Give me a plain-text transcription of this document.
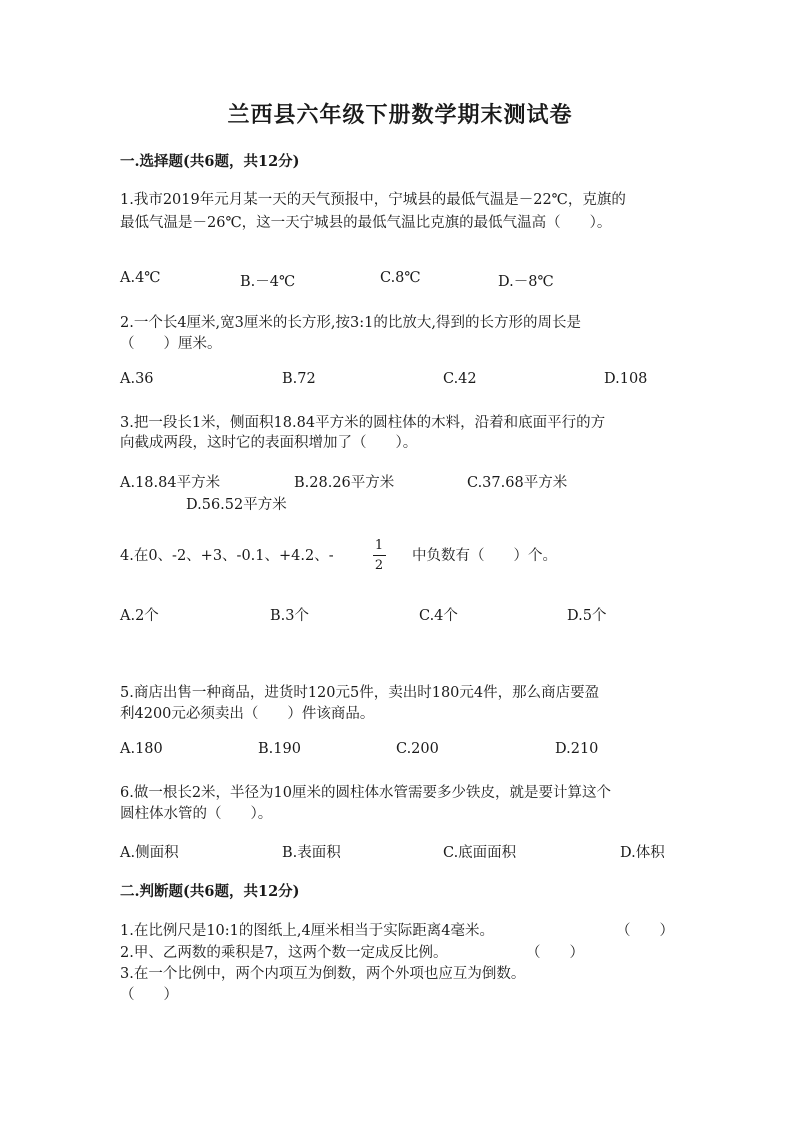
兰西县六年级下册数学期末测试卷
一.选择题(共6题，共12分)
1.我市2019年元月某一天的天气预报中，宁城县的最低气温是－22℃，克旗的
最低气温是－26℃，这一天宁城县的最低气温比克旗的最低气温高（　　）。
A.4℃	B.－4℃	C.8℃	D.－8℃
2.一个长4厘米,宽3厘米的长方形,按3:1的比放大,得到的长方形的周长是
（　　）厘米。
A.36	B.72	C.42	D.108
3.把一段长1米，侧面积18.84平方米的圆柱体的木料，沿着和底面平行的方
向截成两段，这时它的表面积增加了（　　）。
A.18.84平方米	B.28.26平方米	C.37.68平方米
D.56.52平方米
4.在0、-2、+3、-0.1、+4.2、-
1
2
中负数有（　　）个。
A.2个	B.3个	C.4个	D.5个
5.商店出售一种商品，进货时120元5件，卖出时180元4件，那么商店要盈
利4200元必须卖出（　　）件该商品。
A.180	B.190	C.200	D.210
6.做一根长2米，半径为10厘米的圆柱体水管需要多少铁皮，就是要计算这个
圆柱体水管的（　　）。
A.侧面积	B.表面积	C.底面面积	D.体积
二.判断题(共6题，共12分)
1.在比例尺是10:1的图纸上,4厘米相当于实际距离4毫米。	（　　）
2.甲、乙两数的乘积是7，这两个数一定成反比例。	（　　）
3.在一个比例中，两个内项互为倒数，两个外项也应互为倒数。
（　　）
